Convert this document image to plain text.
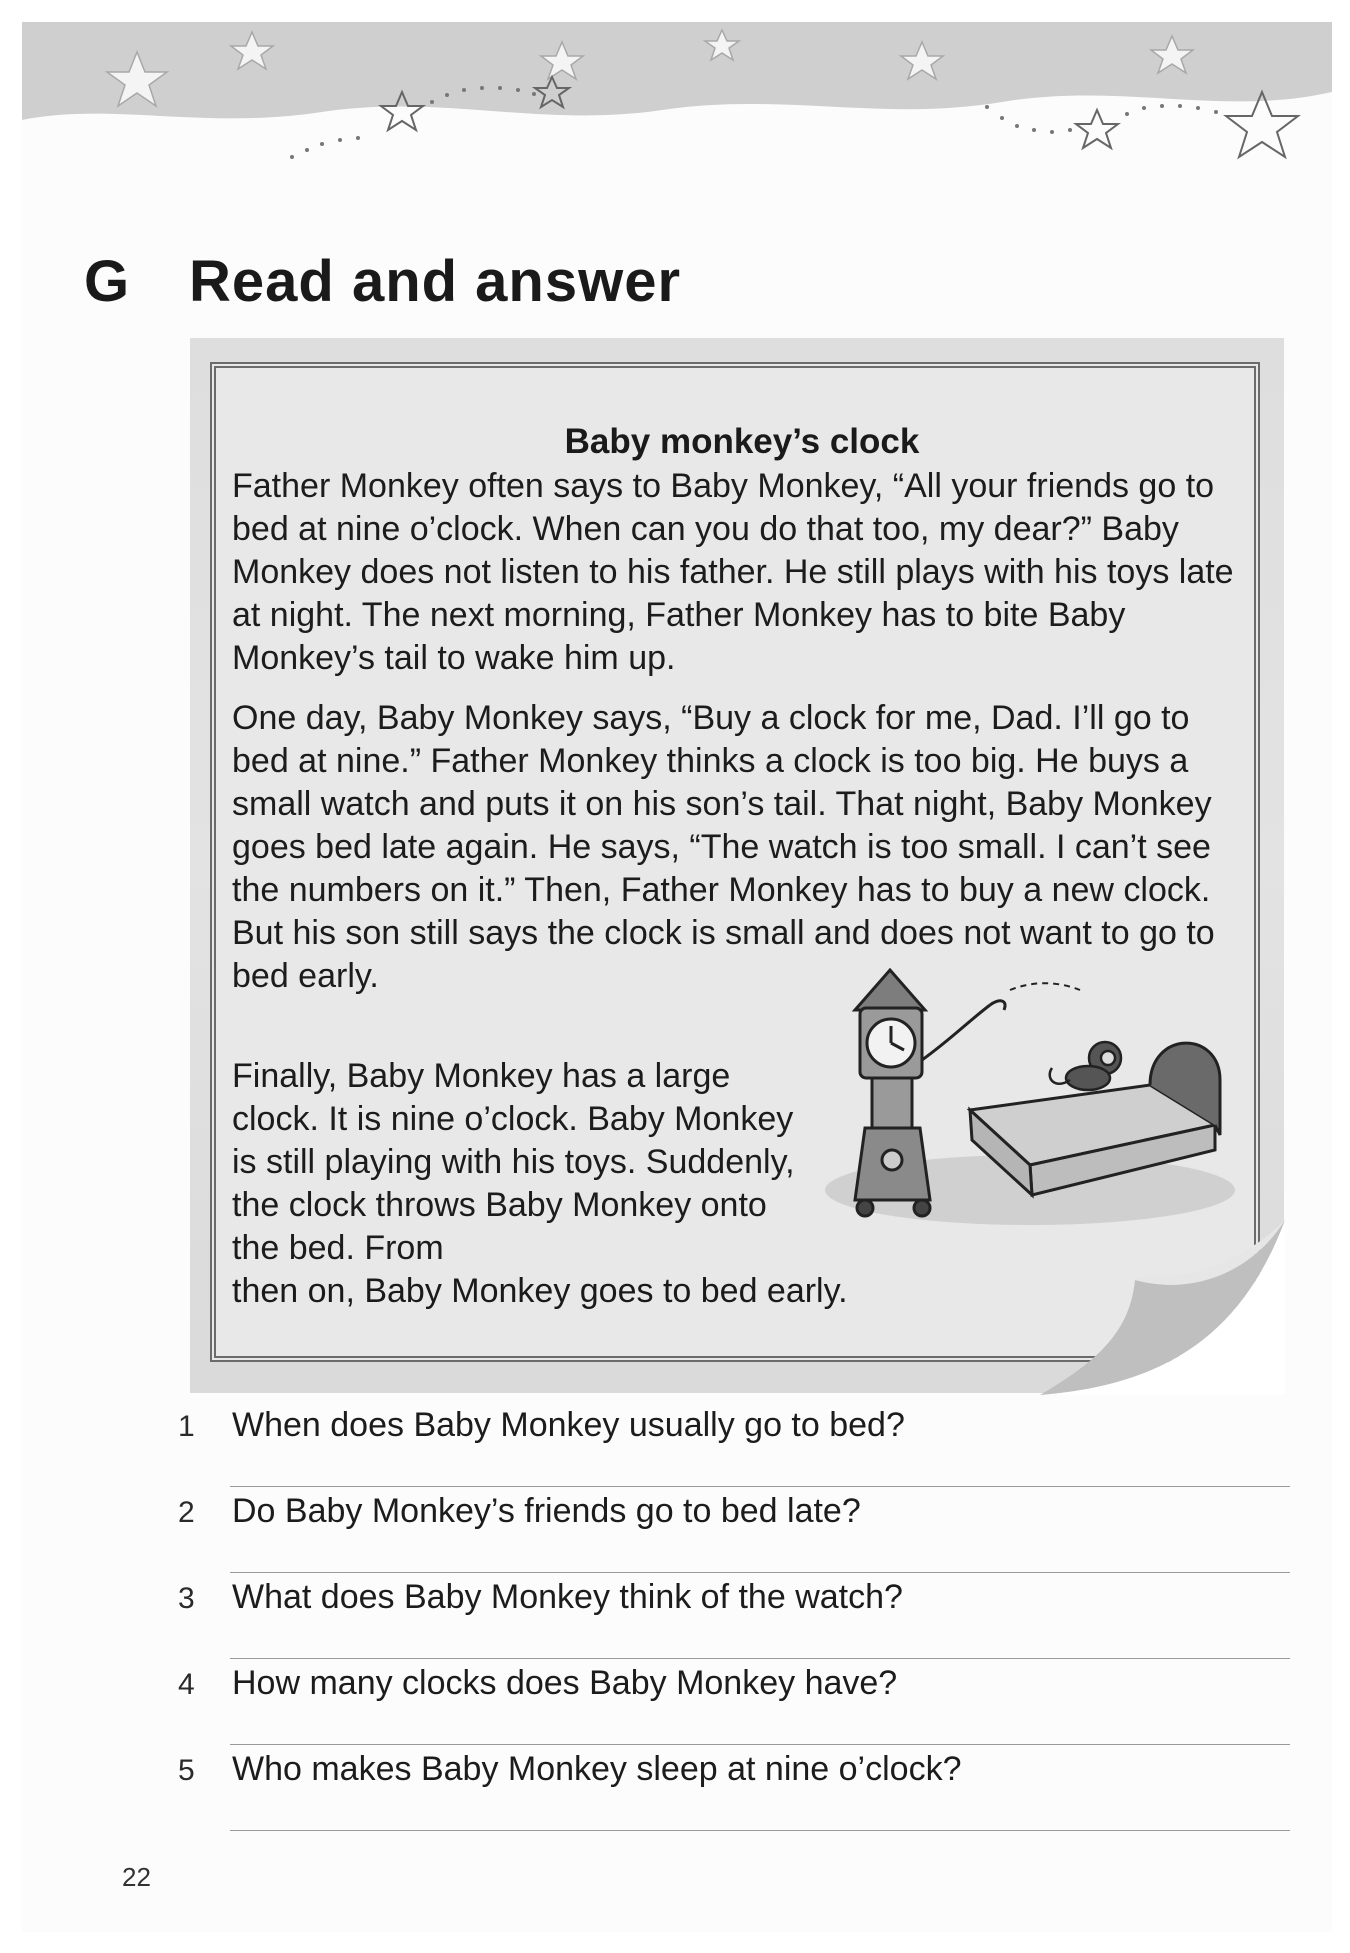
G Read and answer
Baby monkey’s clock

Father Monkey often says to Baby Monkey, “All your friends go to bed at nine o’clock. When can you do that too, my dear?” Baby Monkey does not listen to his father. He still plays with his toys late at night. The next morning, Father Monkey has to bite Baby Monkey’s tail to wake him up.

One day, Baby Monkey says, “Buy a clock for me, Dad. I’ll go to bed at nine.” Father Monkey thinks a clock is too big. He buys a small watch and puts it on his son’s tail. That night, Baby Monkey goes bed late again. He says, “The watch is too small. I can’t see the numbers on it.” Then, Father Monkey has to buy a new clock. But his son still says the clock is small and does not want to go to bed early.

Finally, Baby Monkey has a large clock. It is nine o’clock. Baby Monkey is still playing with his toys. Suddenly, the clock throws Baby Monkey onto the bed. From

then on, Baby Monkey goes to bed early.

1 When does Baby Monkey usually go to bed?
2 Do Baby Monkey’s friends go to bed late?
3 What does Baby Monkey think of the watch?
4 How many clocks does Baby Monkey have?
5 Who makes Baby Monkey sleep at nine o’clock?
22
